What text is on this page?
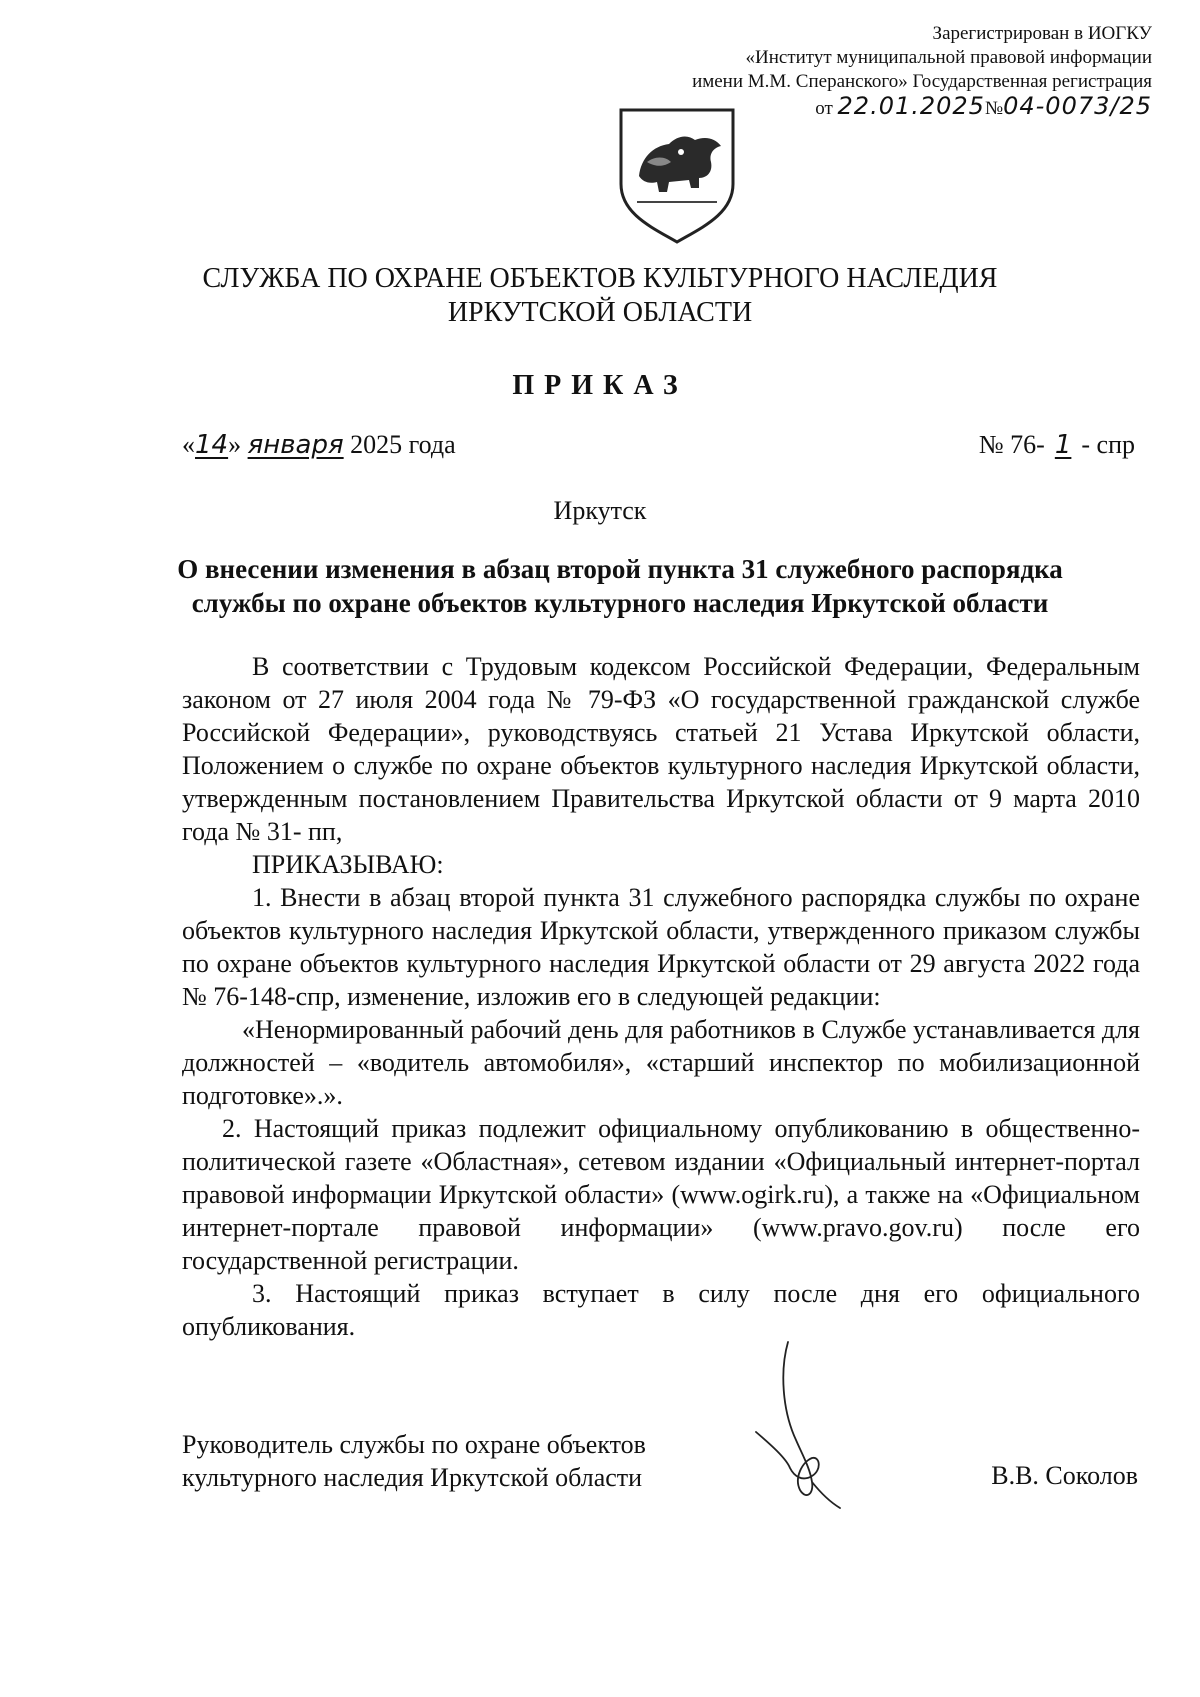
Зарегистрирован в ИОГКУ
«Институт муниципальной правовой информации
имени М.М. Сперанского» Государственная регистрация
от 22.01.2025№04-0073/25
СЛУЖБА ПО ОХРАНЕ ОБЪЕКТОВ КУЛЬТУРНОГО НАСЛЕДИЯ
ИРКУТСКОЙ ОБЛАСТИ
ПРИКАЗ
«14» января 2025 года	№ 76- 1 - спр
Иркутск
О внесении изменения в абзац второй пункта 31 служебного распорядка
службы по охране объектов культурного наследия Иркутской области

В соответствии с Трудовым кодексом Российской Федерации, Федеральным законом от 27 июля 2004 года № 79-ФЗ «О государственной гражданской службе Российской Федерации», руководствуясь статьей 21 Устава Иркутской области, Положением о службе по охране объектов культурного наследия Иркутской области, утвержденным постановлением Правительства Иркутской области от 9 марта 2010 года № 31- пп,

ПРИКАЗЫВАЮ:

1. Внести в абзац второй пункта 31 служебного распорядка службы по охране объектов культурного наследия Иркутской области, утвержденного приказом службы по охране объектов культурного наследия Иркутской области от 29 августа 2022 года № 76-148-спр, изменение, изложив его в следующей редакции:

«Ненормированный рабочий день для работников в Службе устанавливается для должностей – «водитель автомобиля», «старший инспектор по мобилизационной подготовке».».

2. Настоящий приказ подлежит официальному опубликованию в общественно-политической газете «Областная», сетевом издании «Официальный интернет-портал правовой информации Иркутской области» (www.ogirk.ru), а также на «Официальном интернет-портале правовой информации» (www.pravo.gov.ru) после его государственной регистрации.

3. Настоящий приказ вступает в силу после дня его официального опубликования.

Руководитель службы по охране объектов
культурного наследия Иркутской области	В.В. Соколов
